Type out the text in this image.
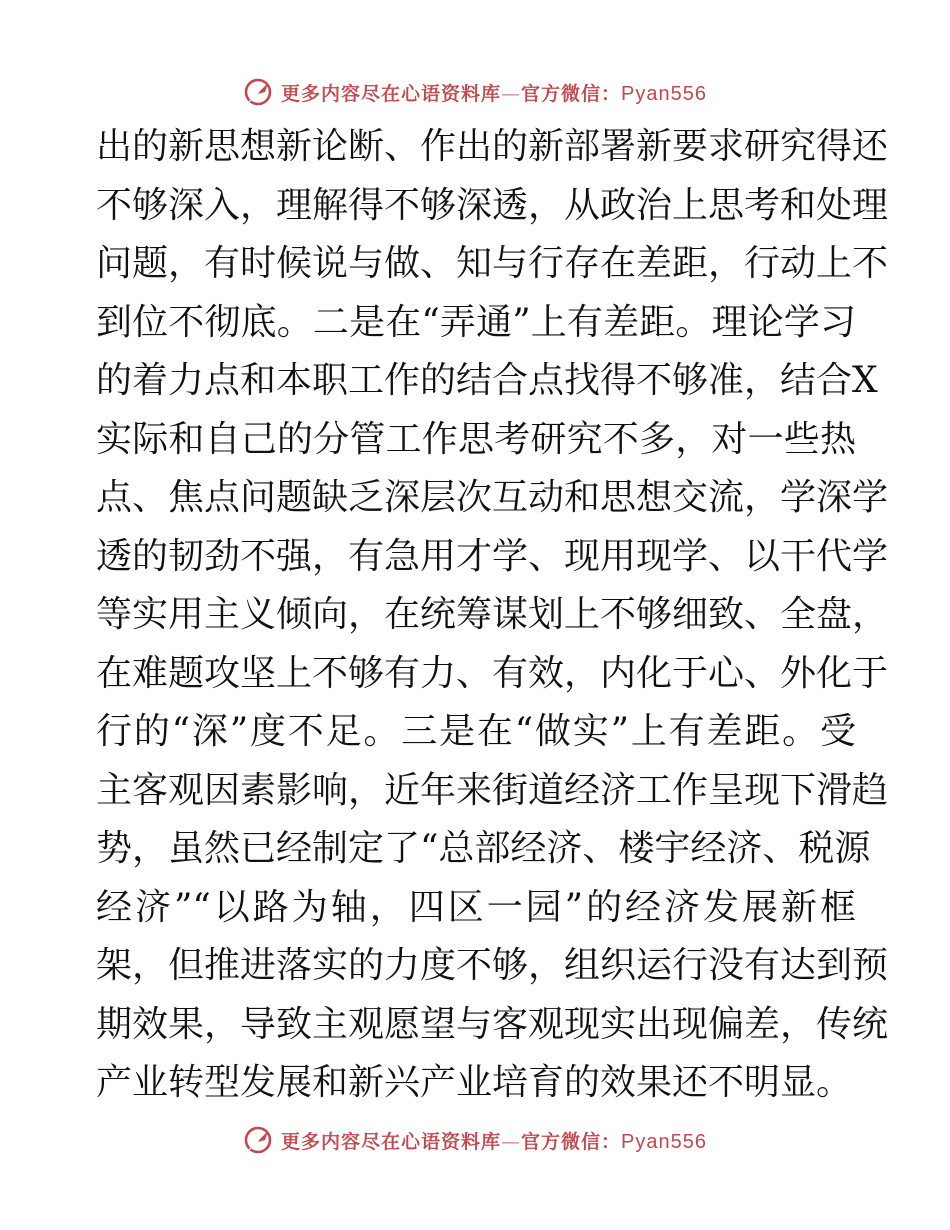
更多内容尽在心语资料库—官方微信：Pyan556
出的新思想新论断、作出的新部署新要求研究得还
不够深入，理解得不够深透，从政治上思考和处理
问题，有时候说与做、知与行存在差距，行动上不
到位不彻底。二是在“弄通”上有差距。理论学习
的着力点和本职工作的结合点找得不够准，结合X
实际和自己的分管工作思考研究不多，对一些热
点、焦点问题缺乏深层次互动和思想交流，学深学
透的韧劲不强，有急用才学、现用现学、以干代学
等实用主义倾向，在统筹谋划上不够细致、全盘，
在难题攻坚上不够有力、有效，内化于心、外化于
行的“深”度不足。三是在“做实”上有差距。受
主客观因素影响，近年来街道经济工作呈现下滑趋
势，虽然已经制定了“总部经济、楼宇经济、税源
经济”“以路为轴，四区一园”的经济发展新框
架，但推进落实的力度不够，组织运行没有达到预
期效果，导致主观愿望与客观现实出现偏差，传统
产业转型发展和新兴产业培育的效果还不明显。
更多内容尽在心语资料库—官方微信：Pyan556
